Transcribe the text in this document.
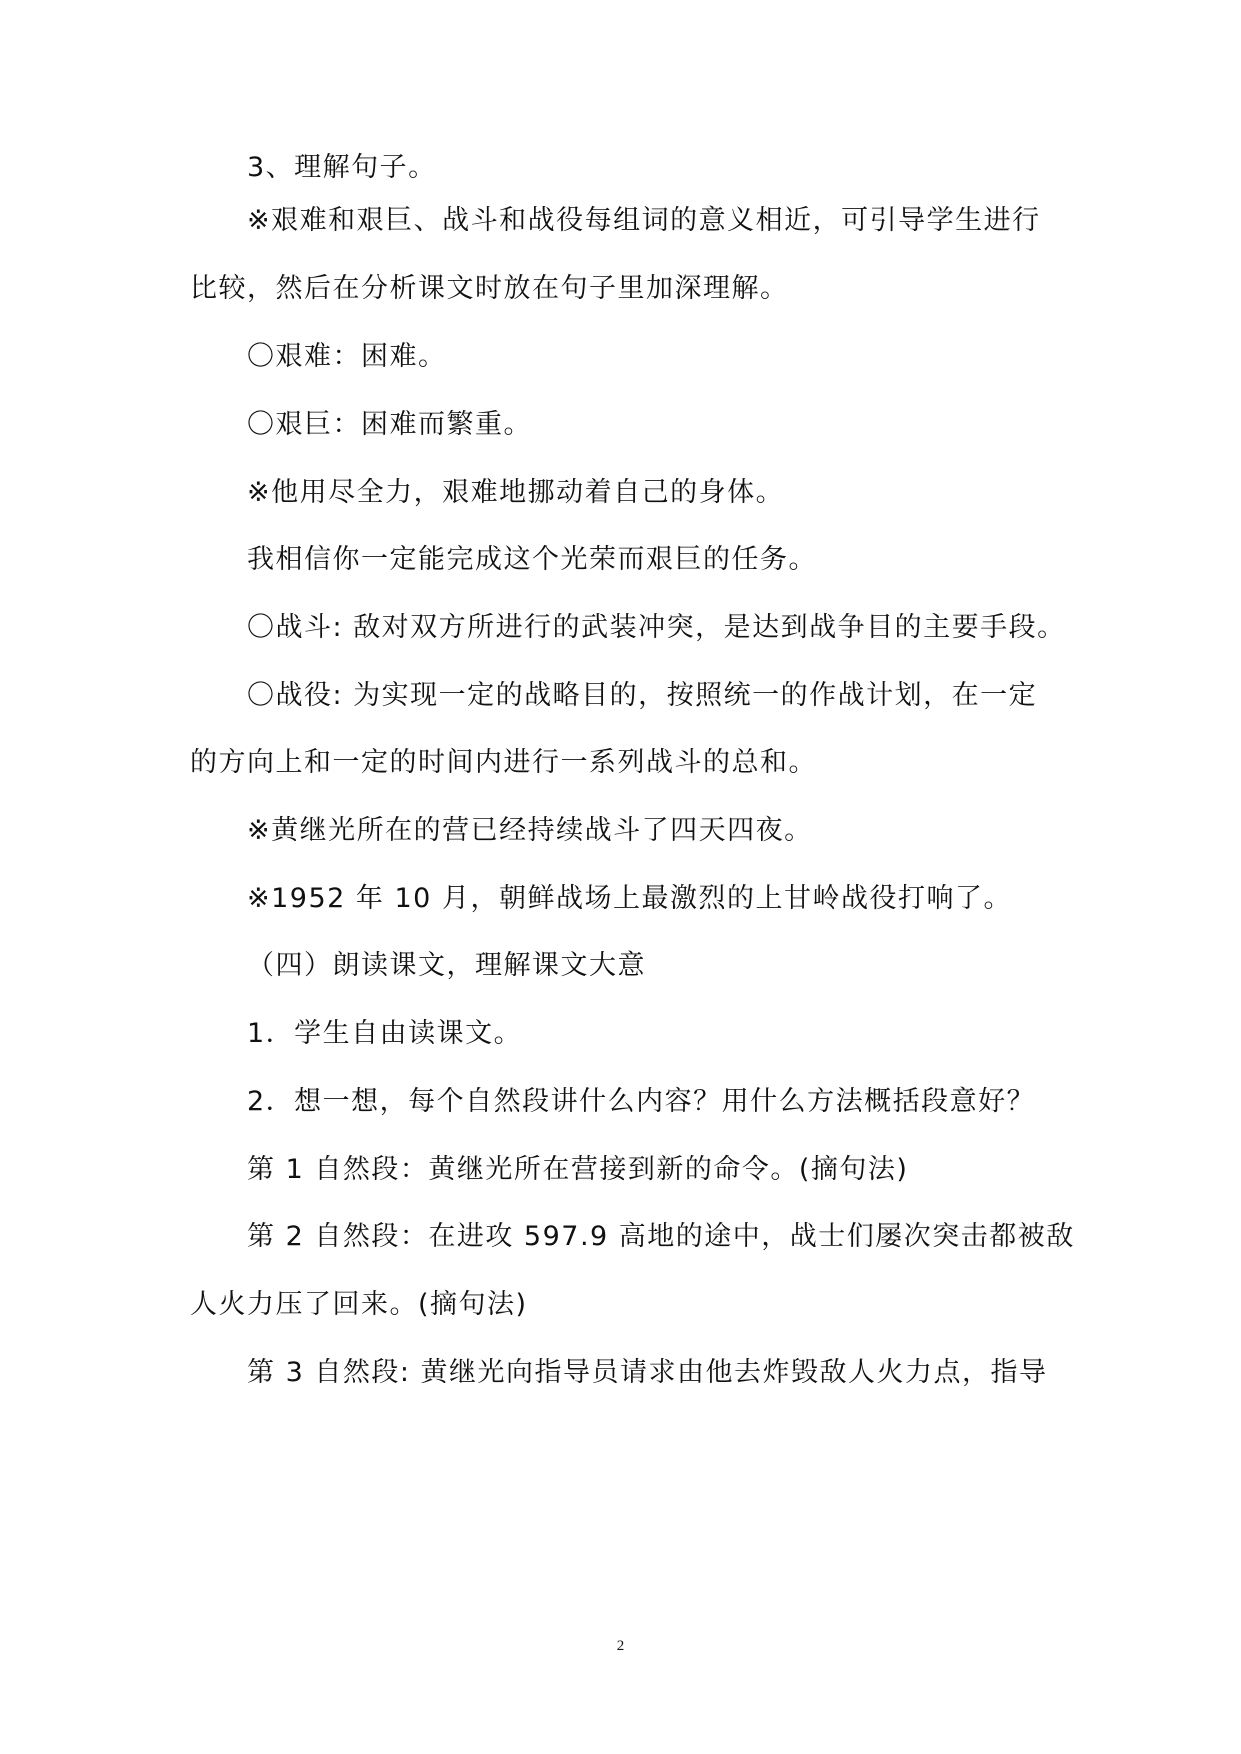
3、理解句子。
※艰难和艰巨、战斗和战役每组词的意义相近，可引导学生进行
比较，然后在分析课文时放在句子里加深理解。
〇艰难：困难。
〇艰巨：困难而繁重。
※他用尽全力，艰难地挪动着自己的身体。
我相信你一定能完成这个光荣而艰巨的任务。
〇战斗: 敌对双方所进行的武装冲突，是达到战争目的主要手段。
〇战役: 为实现一定的战略目的，按照统一的作战计划，在一定
的方向上和一定的时间内进行一系列战斗的总和。
※黄继光所在的营已经持续战斗了四天四夜。
※1952 年 10 月，朝鲜战场上最激烈的上甘岭战役打响了。
（四）朗读课文，理解课文大意
1．学生自由读课文。
2．想一想，每个自然段讲什么内容？用什么方法概括段意好？
第 1 自然段：黄继光所在营接到新的命令。(摘句法)
第 2 自然段：在进攻 597.9 高地的途中，战士们屡次突击都被敌
人火力压了回来。(摘句法)
第 3 自然段: 黄继光向指导员请求由他去炸毁敌人火力点，指导
2
